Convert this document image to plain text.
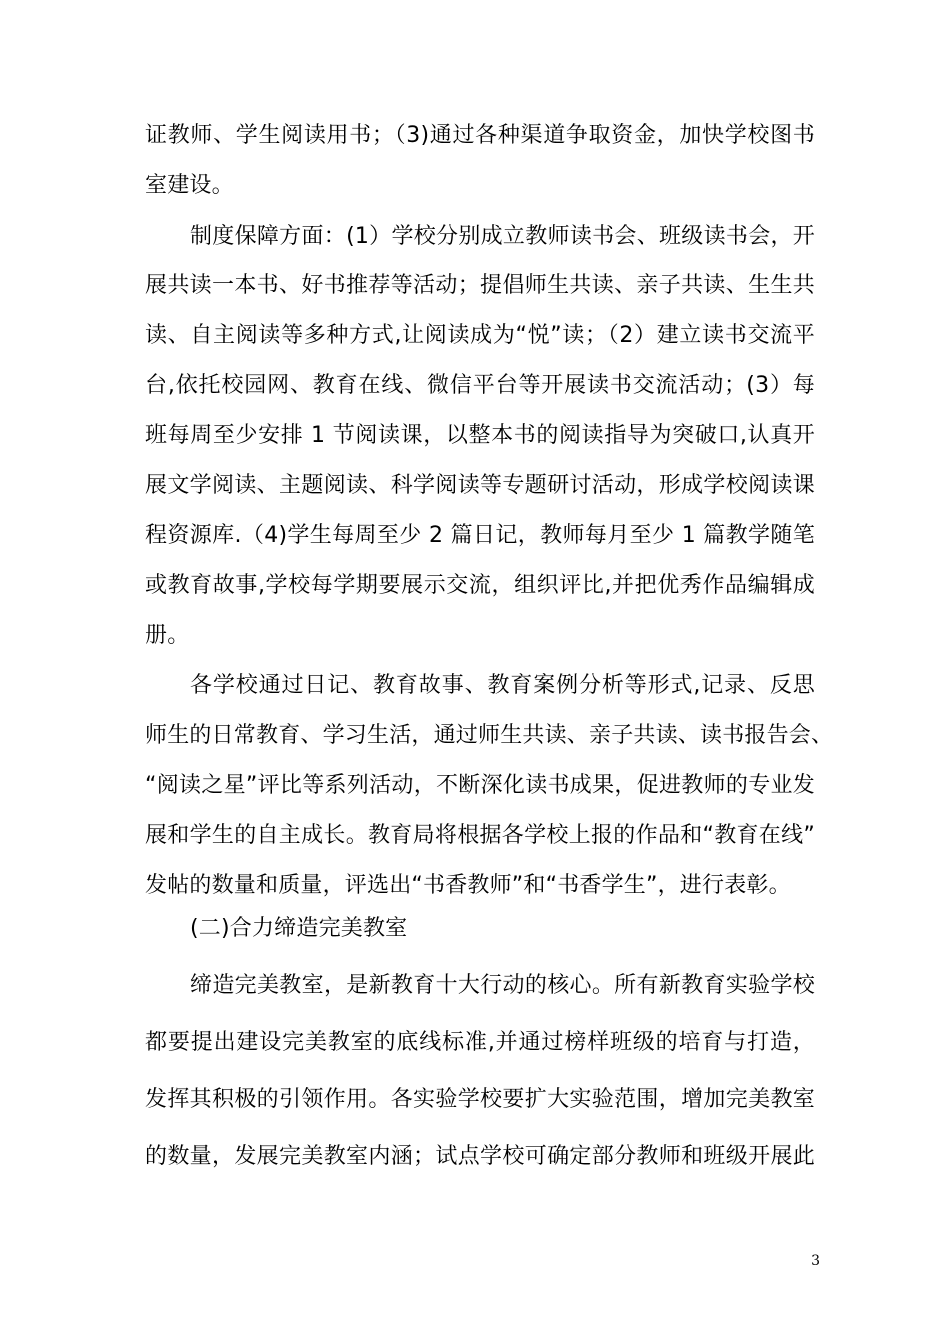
证教师、学生阅读用书；（3)通过各种渠道争取资金，加快学校图书
室建设。
制度保障方面：(1）学校分别成立教师读书会、班级读书会，开
展共读一本书、好书推荐等活动；提倡师生共读、亲子共读、生生共
读、自主阅读等多种方式,让阅读成为“悦”读；（2）建立读书交流平
台,依托校园网、教育在线、微信平台等开展读书交流活动；(3）每
班每周至少安排 1 节阅读课，以整本书的阅读指导为突破口,认真开
展文学阅读、主题阅读、科学阅读等专题研讨活动，形成学校阅读课
程资源库.（4)学生每周至少 2 篇日记，教师每月至少 1 篇教学随笔
或教育故事,学校每学期要展示交流，组织评比,并把优秀作品编辑成
册。
各学校通过日记、教育故事、教育案例分析等形式,记录、反思
师生的日常教育、学习生活，通过师生共读、亲子共读、读书报告会、
“阅读之星”评比等系列活动，不断深化读书成果，促进教师的专业发
展和学生的自主成长。教育局将根据各学校上报的作品和“教育在线”
发帖的数量和质量，评选出“书香教师”和“书香学生”，进行表彰。
(二)合力缔造完美教室
缔造完美教室，是新教育十大行动的核心。所有新教育实验学校
都要提出建设完美教室的底线标准,并通过榜样班级的培育与打造，
发挥其积极的引领作用。各实验学校要扩大实验范围，增加完美教室
的数量，发展完美教室内涵；试点学校可确定部分教师和班级开展此
3
